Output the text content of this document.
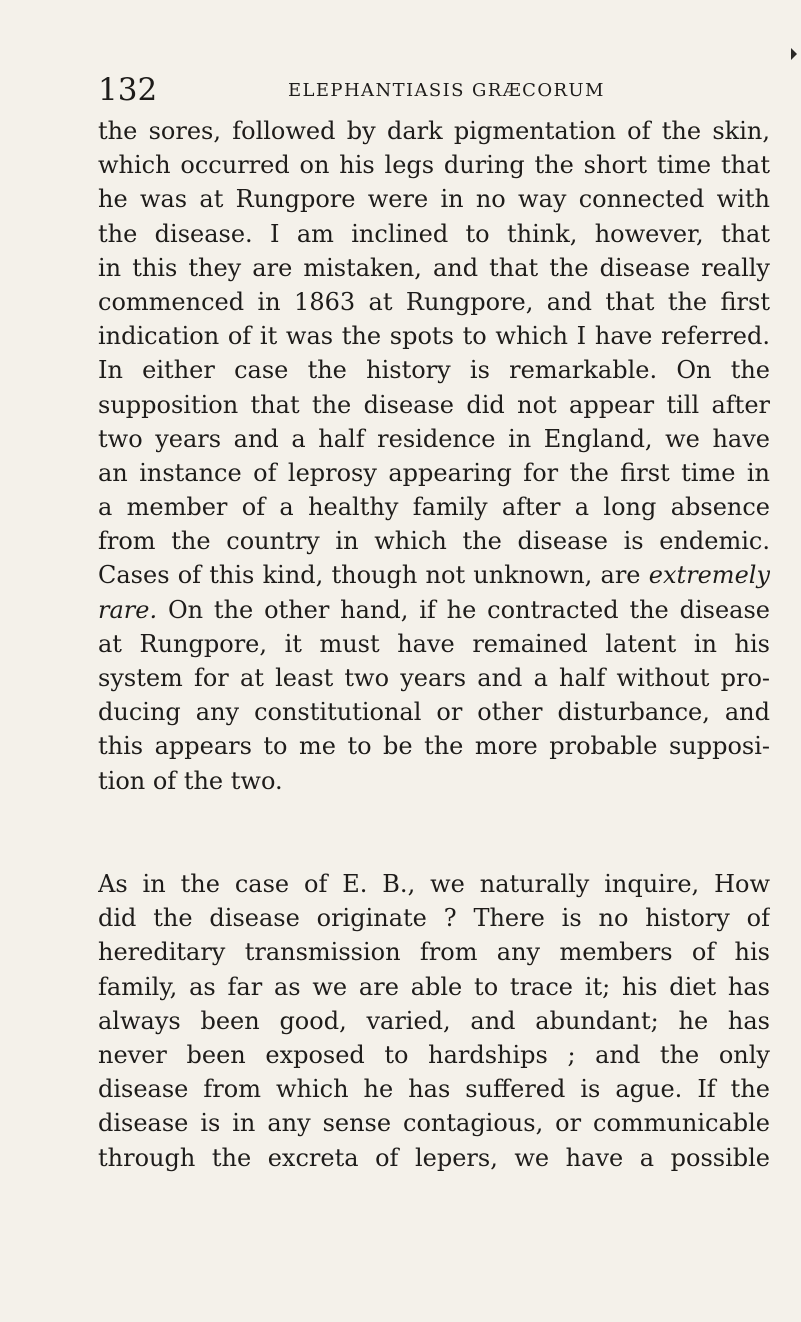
132	ELEPHANTIASIS GRÆCORUM
the sores, followed by dark pigmentation of the skin,
which occurred on his legs during the short time that
he was at Rungpore were in no way connected with
the disease. I am inclined to think, however, that
in this they are mistaken, and that the disease really
commenced in 1863 at Rungpore, and that the first
indication of it was the spots to which I have referred.
In either case the history is remarkable. On the
supposition that the disease did not appear till after
two years and a half residence in England, we have
an instance of leprosy appearing for the first time in
a member of a healthy family after a long absence
from the country in which the disease is endemic.
Cases of this kind, though not unknown, are extremely
rare. On the other hand, if he contracted the disease
at Rungpore, it must have remained latent in his
system for at least two years and a half without pro-
ducing any constitutional or other disturbance, and
this appears to me to be the more probable supposi-
tion of the two.
As in the case of E. B., we naturally inquire, How
did the disease originate ? There is no history of
hereditary transmission from any members of his
family, as far as we are able to trace it; his diet has
always been good, varied, and abundant; he has
never been exposed to hardships ; and the only
disease from which he has suffered is ague. If the
disease is in any sense contagious, or communicable
through the excreta of lepers, we have a possible
